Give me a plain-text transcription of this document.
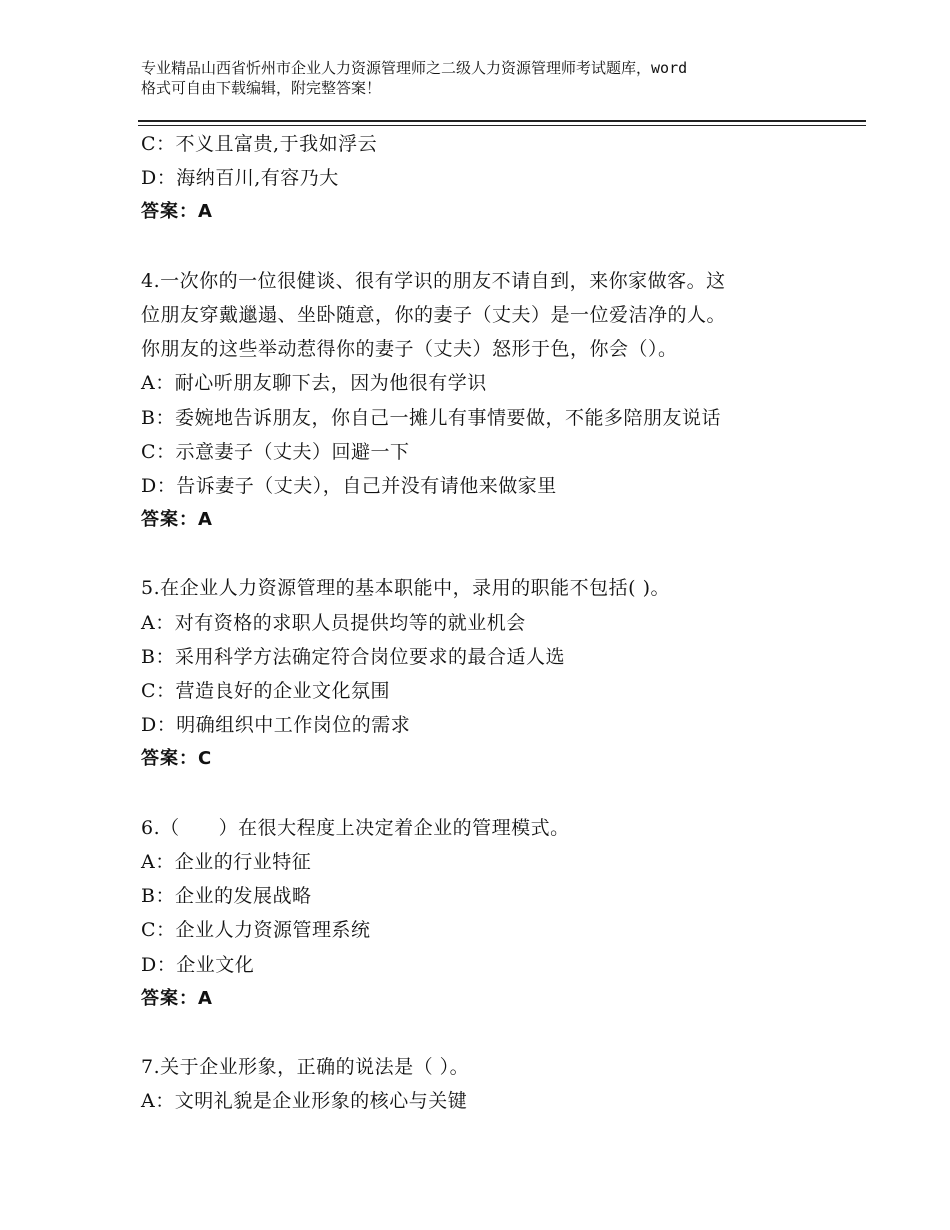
专业精品山西省忻州市企业人力资源管理师之二级人力资源管理师考试题库，word
格式可自由下载编辑，附完整答案！
C：不义且富贵,于我如浮云
D：海纳百川,有容乃大
答案：A
4.一次你的一位很健谈、很有学识的朋友不请自到，来你家做客。这
位朋友穿戴邋遢、坐卧随意，你的妻子（丈夫）是一位爱洁净的人。
你朋友的这些举动惹得你的妻子（丈夫）怒形于色，你会（）。
A：耐心听朋友聊下去，因为他很有学识
B：委婉地告诉朋友，你自己一摊儿有事情要做，不能多陪朋友说话
C：示意妻子（丈夫）回避一下
D：告诉妻子（丈夫），自己并没有请他来做家里
答案：A
5.在企业人力资源管理的基本职能中，录用的职能不包括( )。
A：对有资格的求职人员提供均等的就业机会
B：采用科学方法确定符合岗位要求的最合适人选
C：营造良好的企业文化氛围
D：明确组织中工作岗位的需求
答案：C
6.（　　）在很大程度上决定着企业的管理模式。
A：企业的行业特征
B：企业的发展战略
C：企业人力资源管理系统
D：企业文化
答案：A
7.关于企业形象，正确的说法是（ ）。
A：文明礼貌是企业形象的核心与关键
